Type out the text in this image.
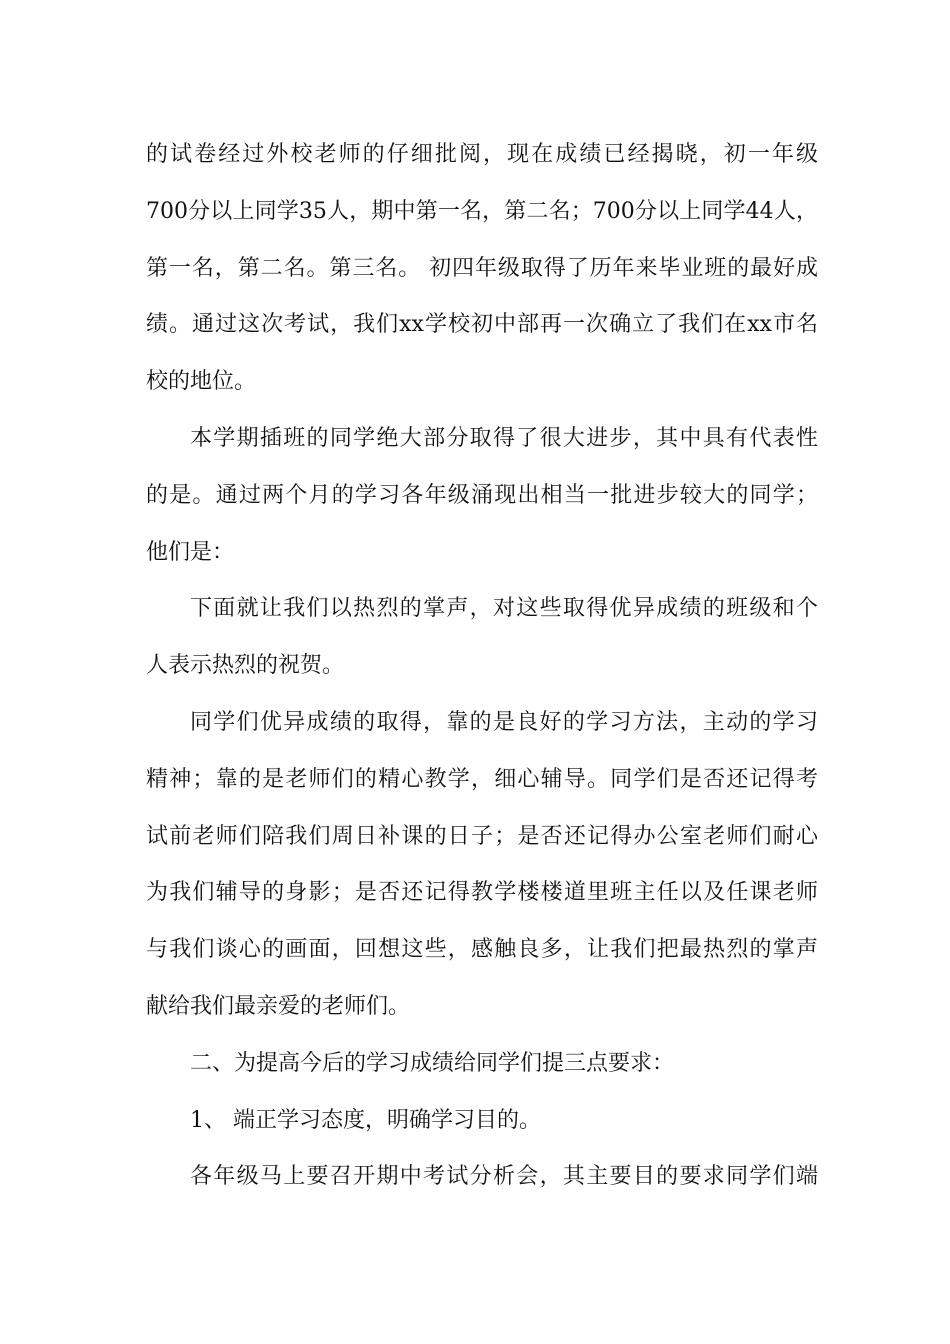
的试卷经过外校老师的仔细批阅，现在成绩已经揭晓，初一年级
700分以上同学35人，期中第一名，第二名；700分以上同学44人，
第一名，第二名。第三名。 初四年级取得了历年来毕业班的最好成
绩。通过这次考试，我们xx学校初中部再一次确立了我们在xx市名
校的地位。
本学期插班的同学绝大部分取得了很大进步，其中具有代表性
的是。通过两个月的学习各年级涌现出相当一批进步较大的同学；
他们是：
下面就让我们以热烈的掌声，对这些取得优异成绩的班级和个
人表示热烈的祝贺。
同学们优异成绩的取得，靠的是良好的学习方法，主动的学习
精神；靠的是老师们的精心教学，细心辅导。同学们是否还记得考
试前老师们陪我们周日补课的日子；是否还记得办公室老师们耐心
为我们辅导的身影；是否还记得教学楼楼道里班主任以及任课老师
与我们谈心的画面，回想这些，感触良多，让我们把最热烈的掌声
献给我们最亲爱的老师们。
二、为提高今后的学习成绩给同学们提三点要求：
1、 端正学习态度，明确学习目的。
各年级马上要召开期中考试分析会，其主要目的要求同学们端
